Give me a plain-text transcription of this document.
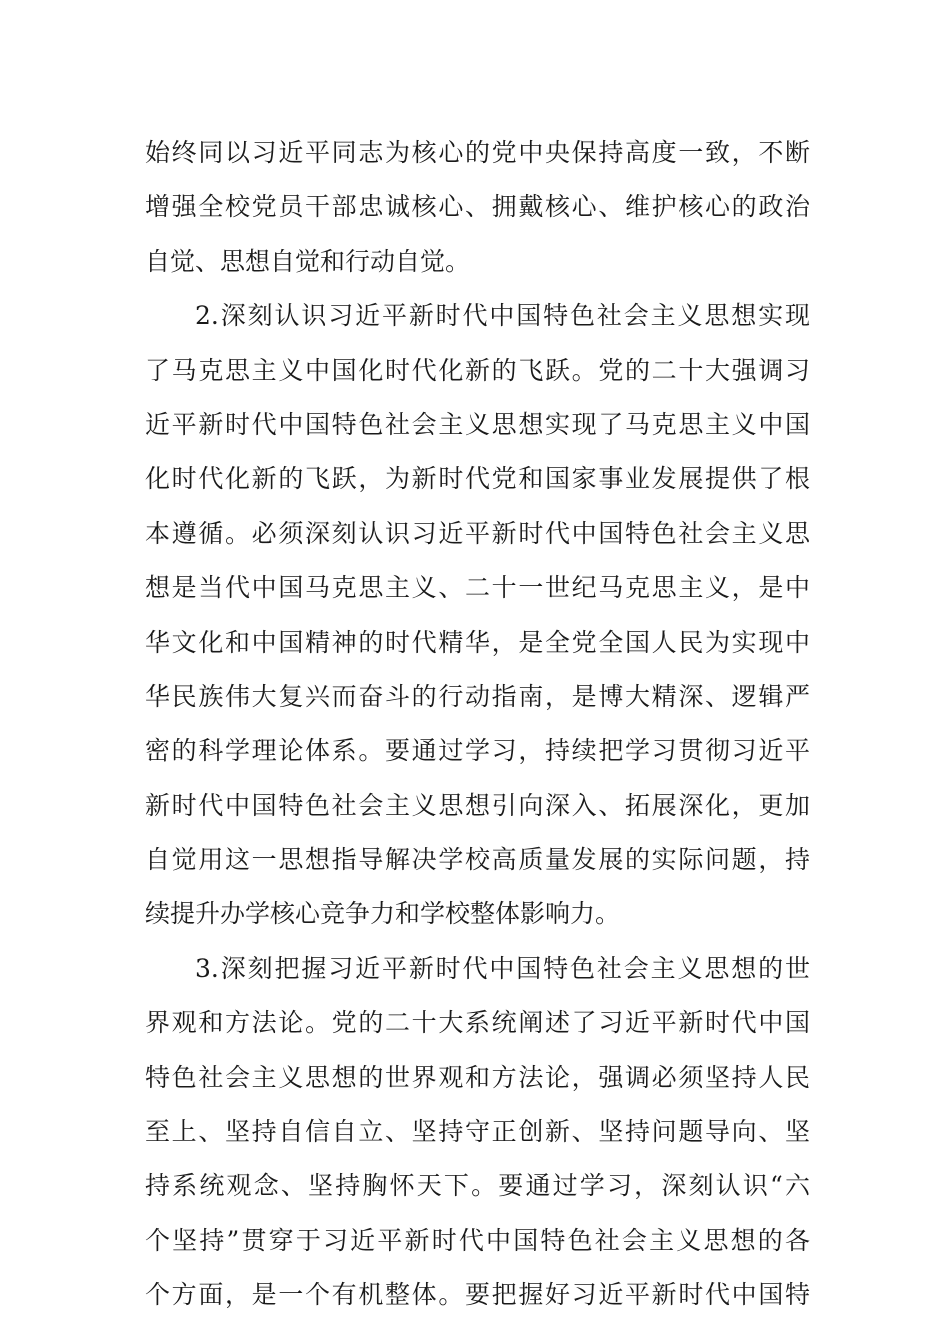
始终同以习近平同志为核心的党中央保持高度一致，不断
增强全校党员干部忠诚核心、拥戴核心、维护核心的政治
自觉、思想自觉和行动自觉。
2.深刻认识习近平新时代中国特色社会主义思想实现
了马克思主义中国化时代化新的飞跃。党的二十大强调习
近平新时代中国特色社会主义思想实现了马克思主义中国
化时代化新的飞跃，为新时代党和国家事业发展提供了根
本遵循。必须深刻认识习近平新时代中国特色社会主义思
想是当代中国马克思主义、二十一世纪马克思主义，是中
华文化和中国精神的时代精华，是全党全国人民为实现中
华民族伟大复兴而奋斗的行动指南，是博大精深、逻辑严
密的科学理论体系。要通过学习，持续把学习贯彻习近平
新时代中国特色社会主义思想引向深入、拓展深化，更加
自觉用这一思想指导解决学校高质量发展的实际问题，持
续提升办学核心竞争力和学校整体影响力。
3.深刻把握习近平新时代中国特色社会主义思想的世
界观和方法论。党的二十大系统阐述了习近平新时代中国
特色社会主义思想的世界观和方法论，强调必须坚持人民
至上、坚持自信自立、坚持守正创新、坚持问题导向、坚
持系统观念、坚持胸怀天下。要通过学习，深刻认识“六
个坚持”贯穿于习近平新时代中国特色社会主义思想的各
个方面，是一个有机整体。要把握好习近平新时代中国特
